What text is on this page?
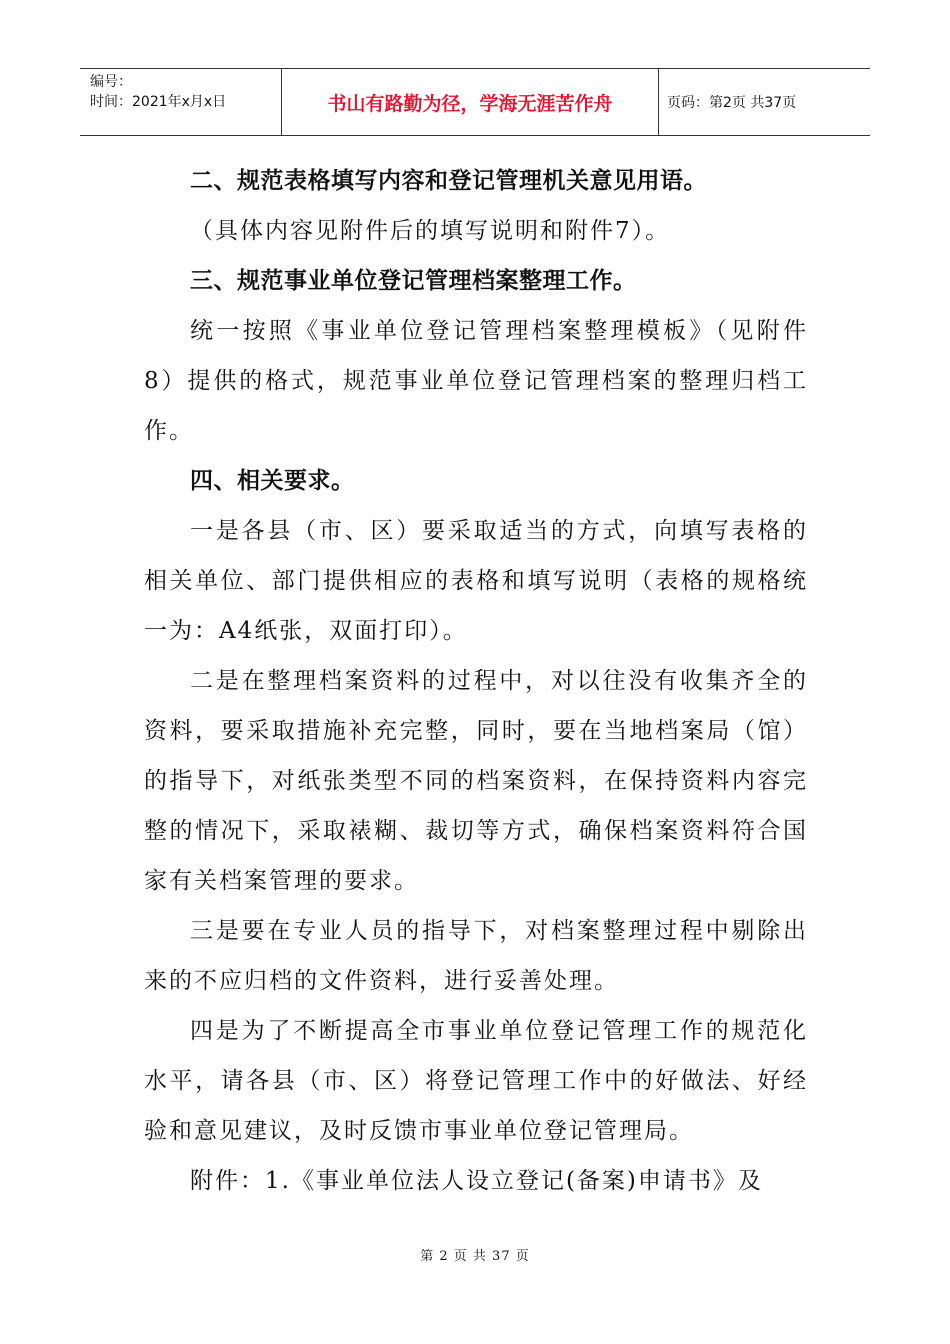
编号：
时间：2021年x月x日	书山有路勤为径，学海无涯苦作舟	页码：第2页 共37页

二、规范表格填写内容和登记管理机关意见用语。

（具体内容见附件后的填写说明和附件7）。

三、规范事业单位登记管理档案整理工作。

统一按照《事业单位登记管理档案整理模板》（见附件8）提供的格式，规范事业单位登记管理档案的整理归档工作。

四、相关要求。

一是各县（市、区）要采取适当的方式，向填写表格的相关单位、部门提供相应的表格和填写说明（表格的规格统一为：A4纸张，双面打印）。

二是在整理档案资料的过程中，对以往没有收集齐全的资料，要采取措施补充完整，同时，要在当地档案局（馆）的指导下，对纸张类型不同的档案资料，在保持资料内容完整的情况下，采取裱糊、裁切等方式，确保档案资料符合国家有关档案管理的要求。

三是要在专业人员的指导下，对档案整理过程中剔除出来的不应归档的文件资料，进行妥善处理。

四是为了不断提高全市事业单位登记管理工作的规范化水平，请各县（市、区）将登记管理工作中的好做法、好经验和意见建议，及时反馈市事业单位登记管理局。

附件：1.《事业单位法人设立登记(备案)申请书》及

第 2 页 共 37 页
